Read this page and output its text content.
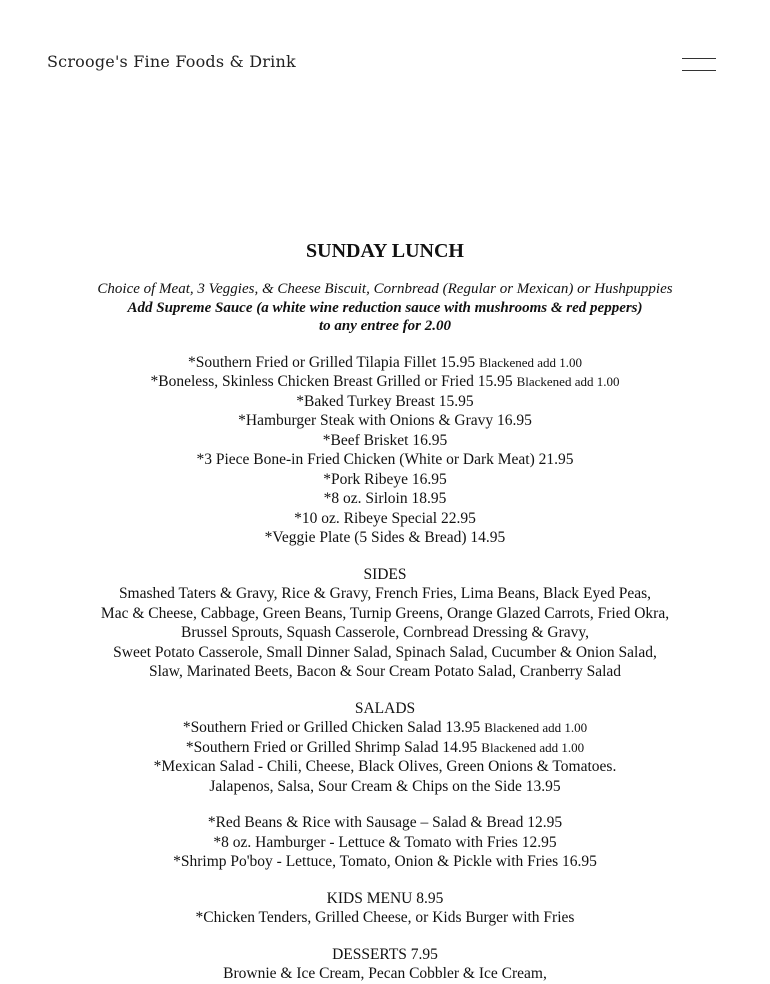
Scrooge's Fine Foods & Drink
SUNDAY LUNCH
Choice of Meat, 3 Veggies, & Cheese Biscuit, Cornbread (Regular or Mexican) or Hushpuppies
Add Supreme Sauce (a white wine reduction sauce with mushrooms & red peppers)
to any entree for 2.00
*Southern Fried or Grilled Tilapia Fillet 15.95 Blackened add 1.00
*Boneless, Skinless Chicken Breast Grilled or Fried 15.95 Blackened add 1.00
*Baked Turkey Breast 15.95
*Hamburger Steak with Onions & Gravy 16.95
*Beef Brisket 16.95
*3 Piece Bone-in Fried Chicken (White or Dark Meat) 21.95
*Pork Ribeye 16.95
*8 oz. Sirloin 18.95
*10 oz. Ribeye Special 22.95
*Veggie Plate (5 Sides & Bread) 14.95
SIDES
Smashed Taters & Gravy, Rice & Gravy, French Fries, Lima Beans, Black Eyed Peas,
Mac & Cheese, Cabbage, Green Beans, Turnip Greens, Orange Glazed Carrots, Fried Okra,
Brussel Sprouts, Squash Casserole, Cornbread Dressing & Gravy,
Sweet Potato Casserole, Small Dinner Salad, Spinach Salad, Cucumber & Onion Salad,
Slaw, Marinated Beets, Bacon & Sour Cream Potato Salad, Cranberry Salad
SALADS
*Southern Fried or Grilled Chicken Salad 13.95 Blackened add 1.00
*Southern Fried or Grilled Shrimp Salad 14.95 Blackened add 1.00
*Mexican Salad - Chili, Cheese, Black Olives, Green Onions & Tomatoes.
Jalapenos, Salsa, Sour Cream & Chips on the Side 13.95
*Red Beans & Rice with Sausage – Salad & Bread 12.95
*8 oz. Hamburger - Lettuce & Tomato with Fries 12.95
*Shrimp Po'boy - Lettuce, Tomato, Onion & Pickle with Fries 16.95
KIDS MENU 8.95
*Chicken Tenders, Grilled Cheese, or Kids Burger with Fries
DESSERTS 7.95
Brownie & Ice Cream, Pecan Cobbler & Ice Cream,
